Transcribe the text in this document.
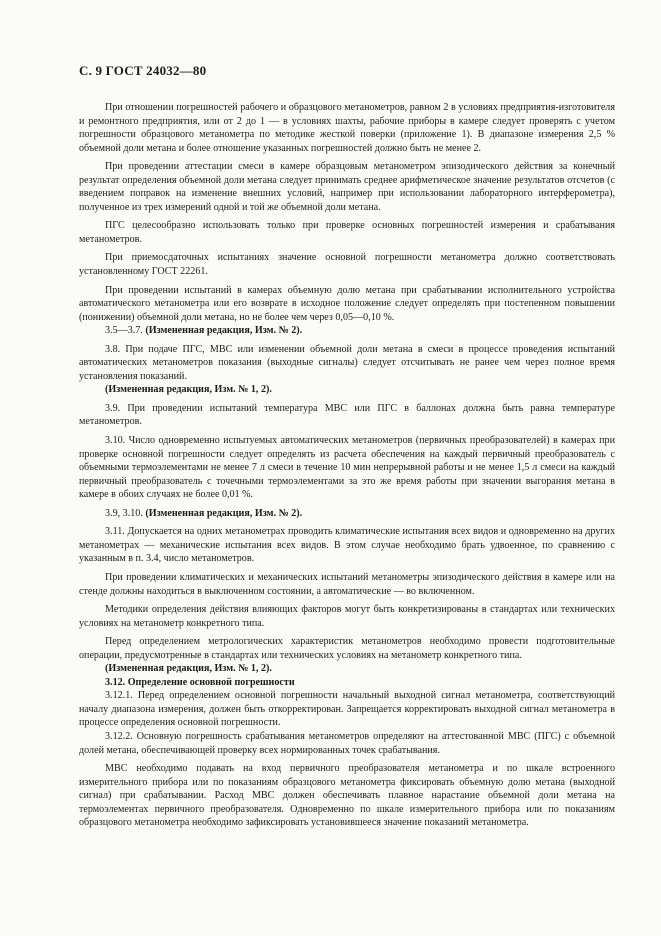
С. 9 ГОСТ 24032—80

При отношении погрешностей рабочего и образцового метанометров, равном 2 в условиях предприятия-изготовителя и ремонтного предприятия, или от 2 до 1 — в условиях шахты, рабочие приборы в камере следует проверять с учетом погрешности образцового метанометра по методике жесткой поверки (приложение 1). В диапазоне измерения 2,5 % объемной доли метана и более отношение указанных погрешностей должно быть не менее 2.

При проведении аттестации смеси в камере образцовым метанометром эпизодического действия за конечный результат определения объемной доли метана следует принимать среднее арифметическое значение результатов отсчетов (с введением поправок на изменение внешних условий, например при использовании лабораторного интерферометра), полученное из трех измерений одной и той же объемной доли метана.

ПГС целесообразно использовать только при проверке основных погрешностей измерения и срабатывания метанометров.

При приемосдаточных испытаниях значение основной погрешности метанометра должно соответствовать установленному ГОСТ 22261.

При проведении испытаний в камерах объемную долю метана при срабатывании исполнительного устройства автоматического метанометра или его возврате в исходное положение следует определять при постепенном повышении (понижении) объемной доли метана, но не более чем через 0,05—0,10 %.

3.5—3.7. (Измененная редакция, Изм. № 2).

3.8. При подаче ПГС, МВС или изменении объемной доли метана в смеси в процессе проведения испытаний автоматических метанометров показания (выходные сигналы) следует отсчитывать не ранее чем через полное время установления показаний.

(Измененная редакция, Изм. № 1, 2).

3.9. При проведении испытаний температура МВС или ПГС в баллонах должна быть равна температуре метанометров.

3.10. Число одновременно испытуемых автоматических метанометров (первичных преобразователей) в камерах при проверке основной погрешности следует определять из расчета обеспечения на каждый первичный преобразователь с объемными термоэлементами не менее 7 л смеси в течение 10 мин непрерывной работы и не менее 1,5 л смеси на каждый первичный преобразователь с точечными термоэлементами за это же время работы при значении выгорания метана в камере в обоих случаях не более 0,01 %.

3.9, 3.10. (Измененная редакция, Изм. № 2).

3.11. Допускается на одних метанометрах проводить климатические испытания всех видов и одновременно на других метанометрах — механические испытания всех видов. В этом случае необходимо брать удвоенное, по сравнению с указанным в п. 3.4, число метанометров.

При проведении климатических и механических испытаний метанометры эпизодического действия в камере или на стенде должны находиться в выключенном состоянии, а автоматические — во включенном.

Методики определения действия влияющих факторов могут быть конкретизированы в стандартах или технических условиях на метанометр конкретного типа.

Перед определением метрологических характеристик метанометров необходимо провести подготовительные операции, предусмотренные в стандартах или технических условиях на метанометр конкретного типа.

(Измененная редакция, Изм. № 1, 2).

3.12. Определение основной погрешности

3.12.1. Перед определением основной погрешности начальный выходной сигнал метанометра, соответствующий началу диапазона измерения, должен быть откорректирован. Запрещается корректировать выходной сигнал метанометра в процессе определения основной погрешности.

3.12.2. Основную погрешность срабатывания метанометров определяют на аттестованной МВС (ПГС) с объемной долей метана, обеспечивающей проверку всех нормированных точек срабатывания.

МВС необходимо подавать на вход первичного преобразователя метанометра и по шкале встроенного измерительного прибора или по показаниям образцового метанометра фиксировать объемную долю метана (выходной сигнал) при срабатывании. Расход МВС должен обеспечивать плавное нарастание объемной доли метана на термоэлементах первичного преобразователя. Одновременно по шкале измерительного прибора или по показаниям образцового метанометра необходимо зафиксировать установившееся значение показаний метанометра.
